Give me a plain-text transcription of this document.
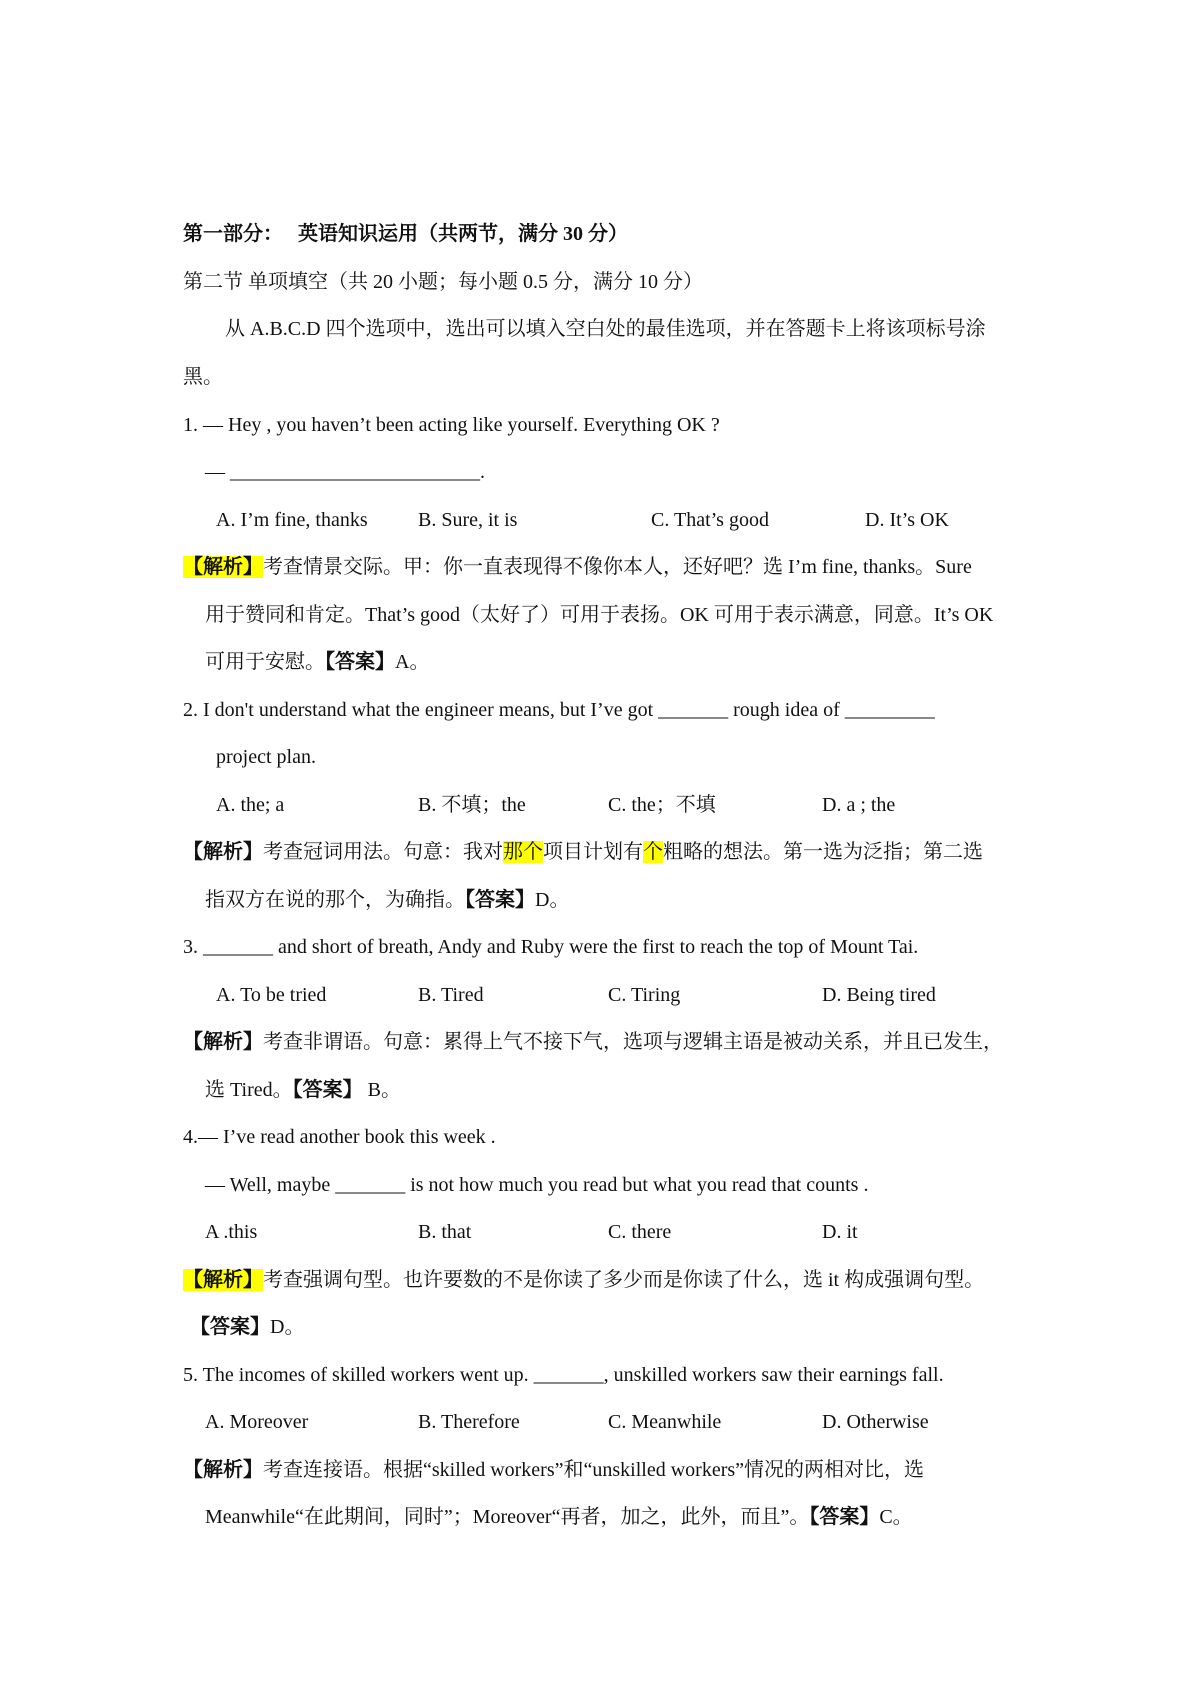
第一部分： 英语知识运用（共两节，满分 30 分）
第二节 单项填空（共 20 小题；每小题 0.5 分，满分 10 分）
从 A.B.C.D 四个选项中，选出可以填入空白处的最佳选项，并在答题卡上将该项标号涂
黑。
1. — Hey , you haven’t been acting like yourself. Everything OK ?
— _________________________.
A. I’m fine, thanks	B. Sure, it is	C. That’s good	D. It’s OK
【解析】考查情景交际。甲：你一直表现得不像你本人，还好吧？选 I’m fine, thanks。Sure
用于赞同和肯定。That’s good（太好了）可用于表扬。OK 可用于表示满意，同意。It’s OK
可用于安慰。【答案】A。
2. I don't understand what the engineer means, but I’ve got _______ rough idea of _________
project plan.
A. the; a	B. 不填；the	C. the；不填	D. a ; the
【解析】考查冠词用法。句意：我对那个项目计划有个粗略的想法。第一选为泛指；第二选
指双方在说的那个，为确指。【答案】D。
3. _______ and short of breath, Andy and Ruby were the first to reach the top of Mount Tai.
A. To be tried	B. Tired	C. Tiring	D. Being tired
【解析】考查非谓语。句意：累得上气不接下气，选项与逻辑主语是被动关系，并且已发生，
选 Tired。【答案】 B。
4.— I’ve read another book this week .
— Well, maybe _______ is not how much you read but what you read that counts .
A .this	B. that	C. there	D. it
【解析】考查强调句型。也许要数的不是你读了多少而是你读了什么，选 it 构成强调句型。
【答案】D。
5. The incomes of skilled workers went up. _______, unskilled workers saw their earnings fall.
A. Moreover	B. Therefore	C. Meanwhile	D. Otherwise
【解析】考查连接语。根据“skilled workers”和“unskilled workers”情况的两相对比，选
Meanwhile“在此期间，同时”；Moreover“再者，加之，此外，而且”。【答案】C。
